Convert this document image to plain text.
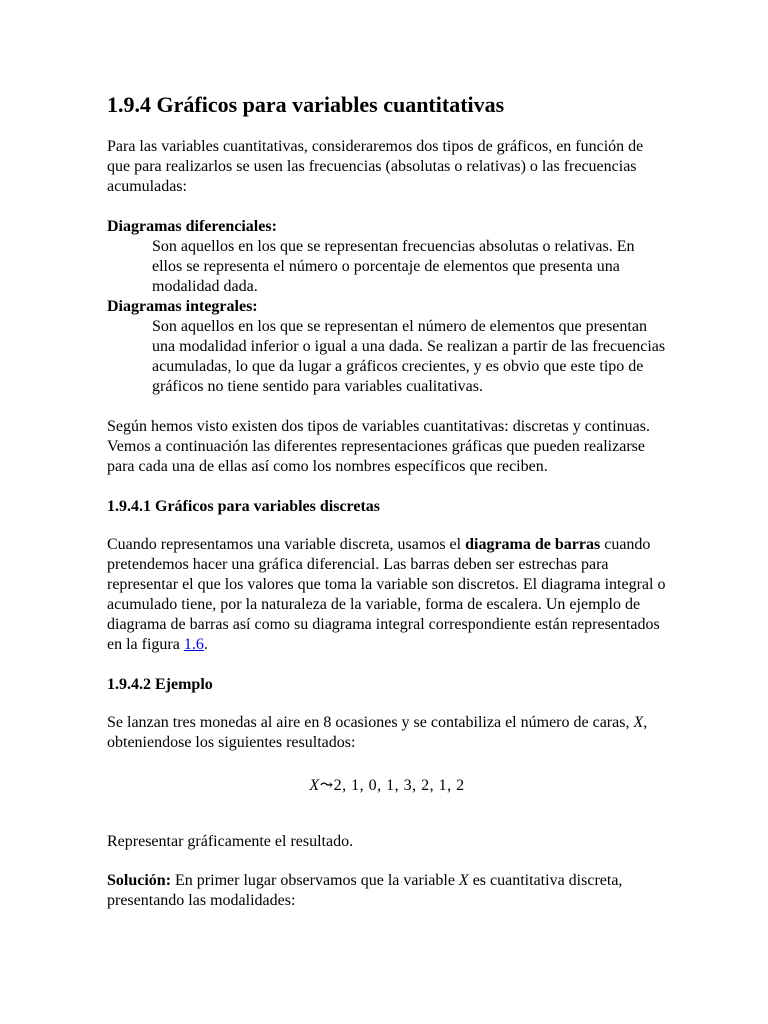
1.9.4 Gráficos para variables cuantitativas

Para las variables cuantitativas, consideraremos dos tipos de gráficos, en función de que para realizarlos se usen las frecuencias (absolutas o relativas) o las frecuencias acumuladas:

Diagramas diferenciales:
Son aquellos en los que se representan frecuencias absolutas o relativas. En ellos se representa el número o porcentaje de elementos que presenta una modalidad dada.
Diagramas integrales:
Son aquellos en los que se representan el número de elementos que presentan una modalidad inferior o igual a una dada. Se realizan a partir de las frecuencias acumuladas, lo que da lugar a gráficos crecientes, y es obvio que este tipo de gráficos no tiene sentido para variables cualitativas.

Según hemos visto existen dos tipos de variables cuantitativas: discretas y continuas. Vemos a continuación las diferentes representaciones gráficas que pueden realizarse para cada una de ellas así como los nombres específicos que reciben.

1.9.4.1 Gráficos para variables discretas

Cuando representamos una variable discreta, usamos el diagrama de barras cuando pretendemos hacer una gráfica diferencial. Las barras deben ser estrechas para representar el que los valores que toma la variable son discretos. El diagrama integral o acumulado tiene, por la naturaleza de la variable, forma de escalera. Un ejemplo de diagrama de barras así como su diagrama integral correspondiente están representados en la figura 1.6.

1.9.4.2 Ejemplo

Se lanzan tres monedas al aire en 8 ocasiones y se contabiliza el número de caras, X, obteniendose los siguientes resultados:

X⤳2, 1, 0, 1, 3, 2, 1, 2

Representar gráficamente el resultado.

Solución: En primer lugar observamos que la variable X es cuantitativa discreta, presentando las modalidades:
